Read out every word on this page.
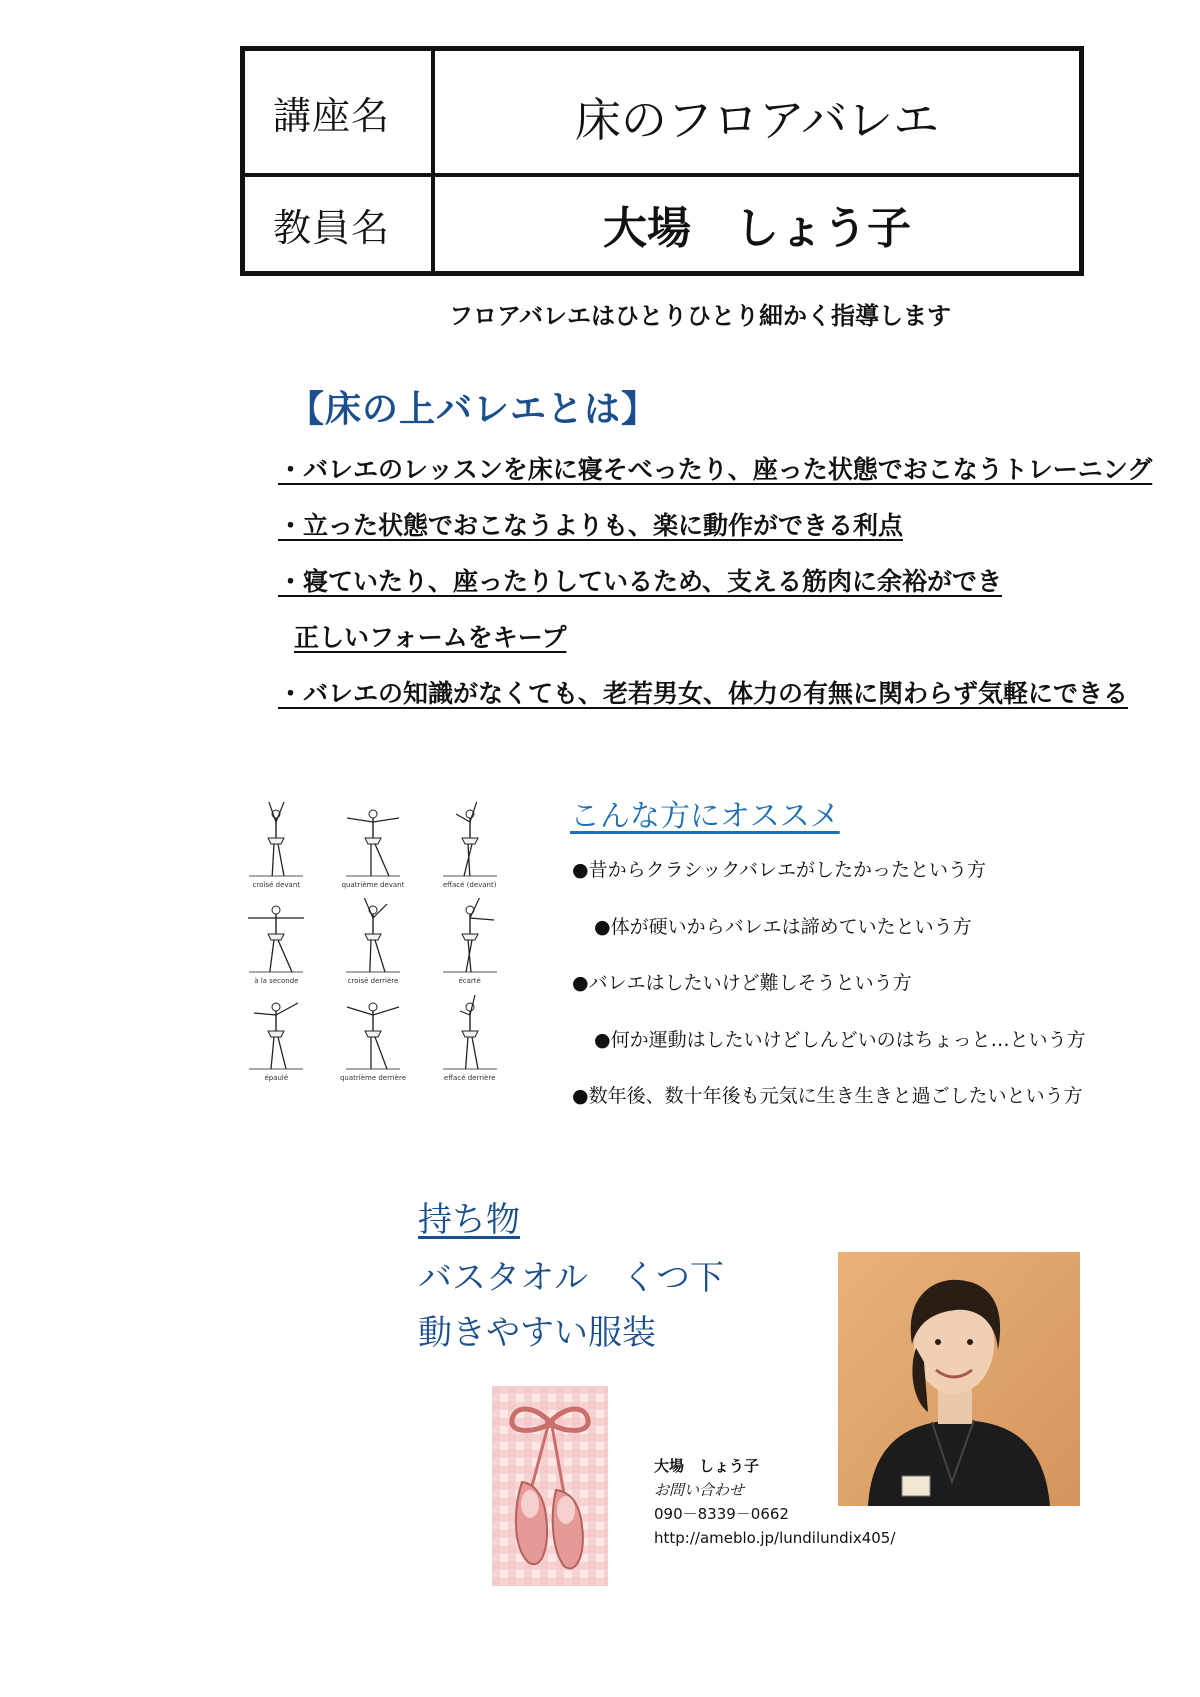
講座名	床のフロアバレエ
教員名	大場　しょう子
フロアバレエはひとりひとり細かく指導します
【床の上バレエとは】
・バレエのレッスンを床に寝そべったり、座った状態でおこなうトレーニング
・立った状態でおこなうよりも、楽に動作ができる利点
・寝ていたり、座ったりしているため、支える筋肉に余裕ができ
正しいフォームをキープ
・バレエの知識がなくても、老若男女、体力の有無に関わらず気軽にできる
croisé devant	quatrième devant	effacé (devant)
à la seconde	croisé derrière	écarté
épaulé	quatrième derrière	effacé derrière
こんな方にオススメ
●昔からクラシックバレエがしたかったという方
●体が硬いからバレエは諦めていたという方
●バレエはしたいけど難しそうという方
●何か運動はしたいけどしんどいのはちょっと…という方
●数年後、数十年後も元気に生き生きと過ごしたいという方
持ち物
バスタオル　くつ下
動きやすい服装
大場　しょう子
お問い合わせ
090－8339－0662
http://ameblo.jp/lundilundix405/
